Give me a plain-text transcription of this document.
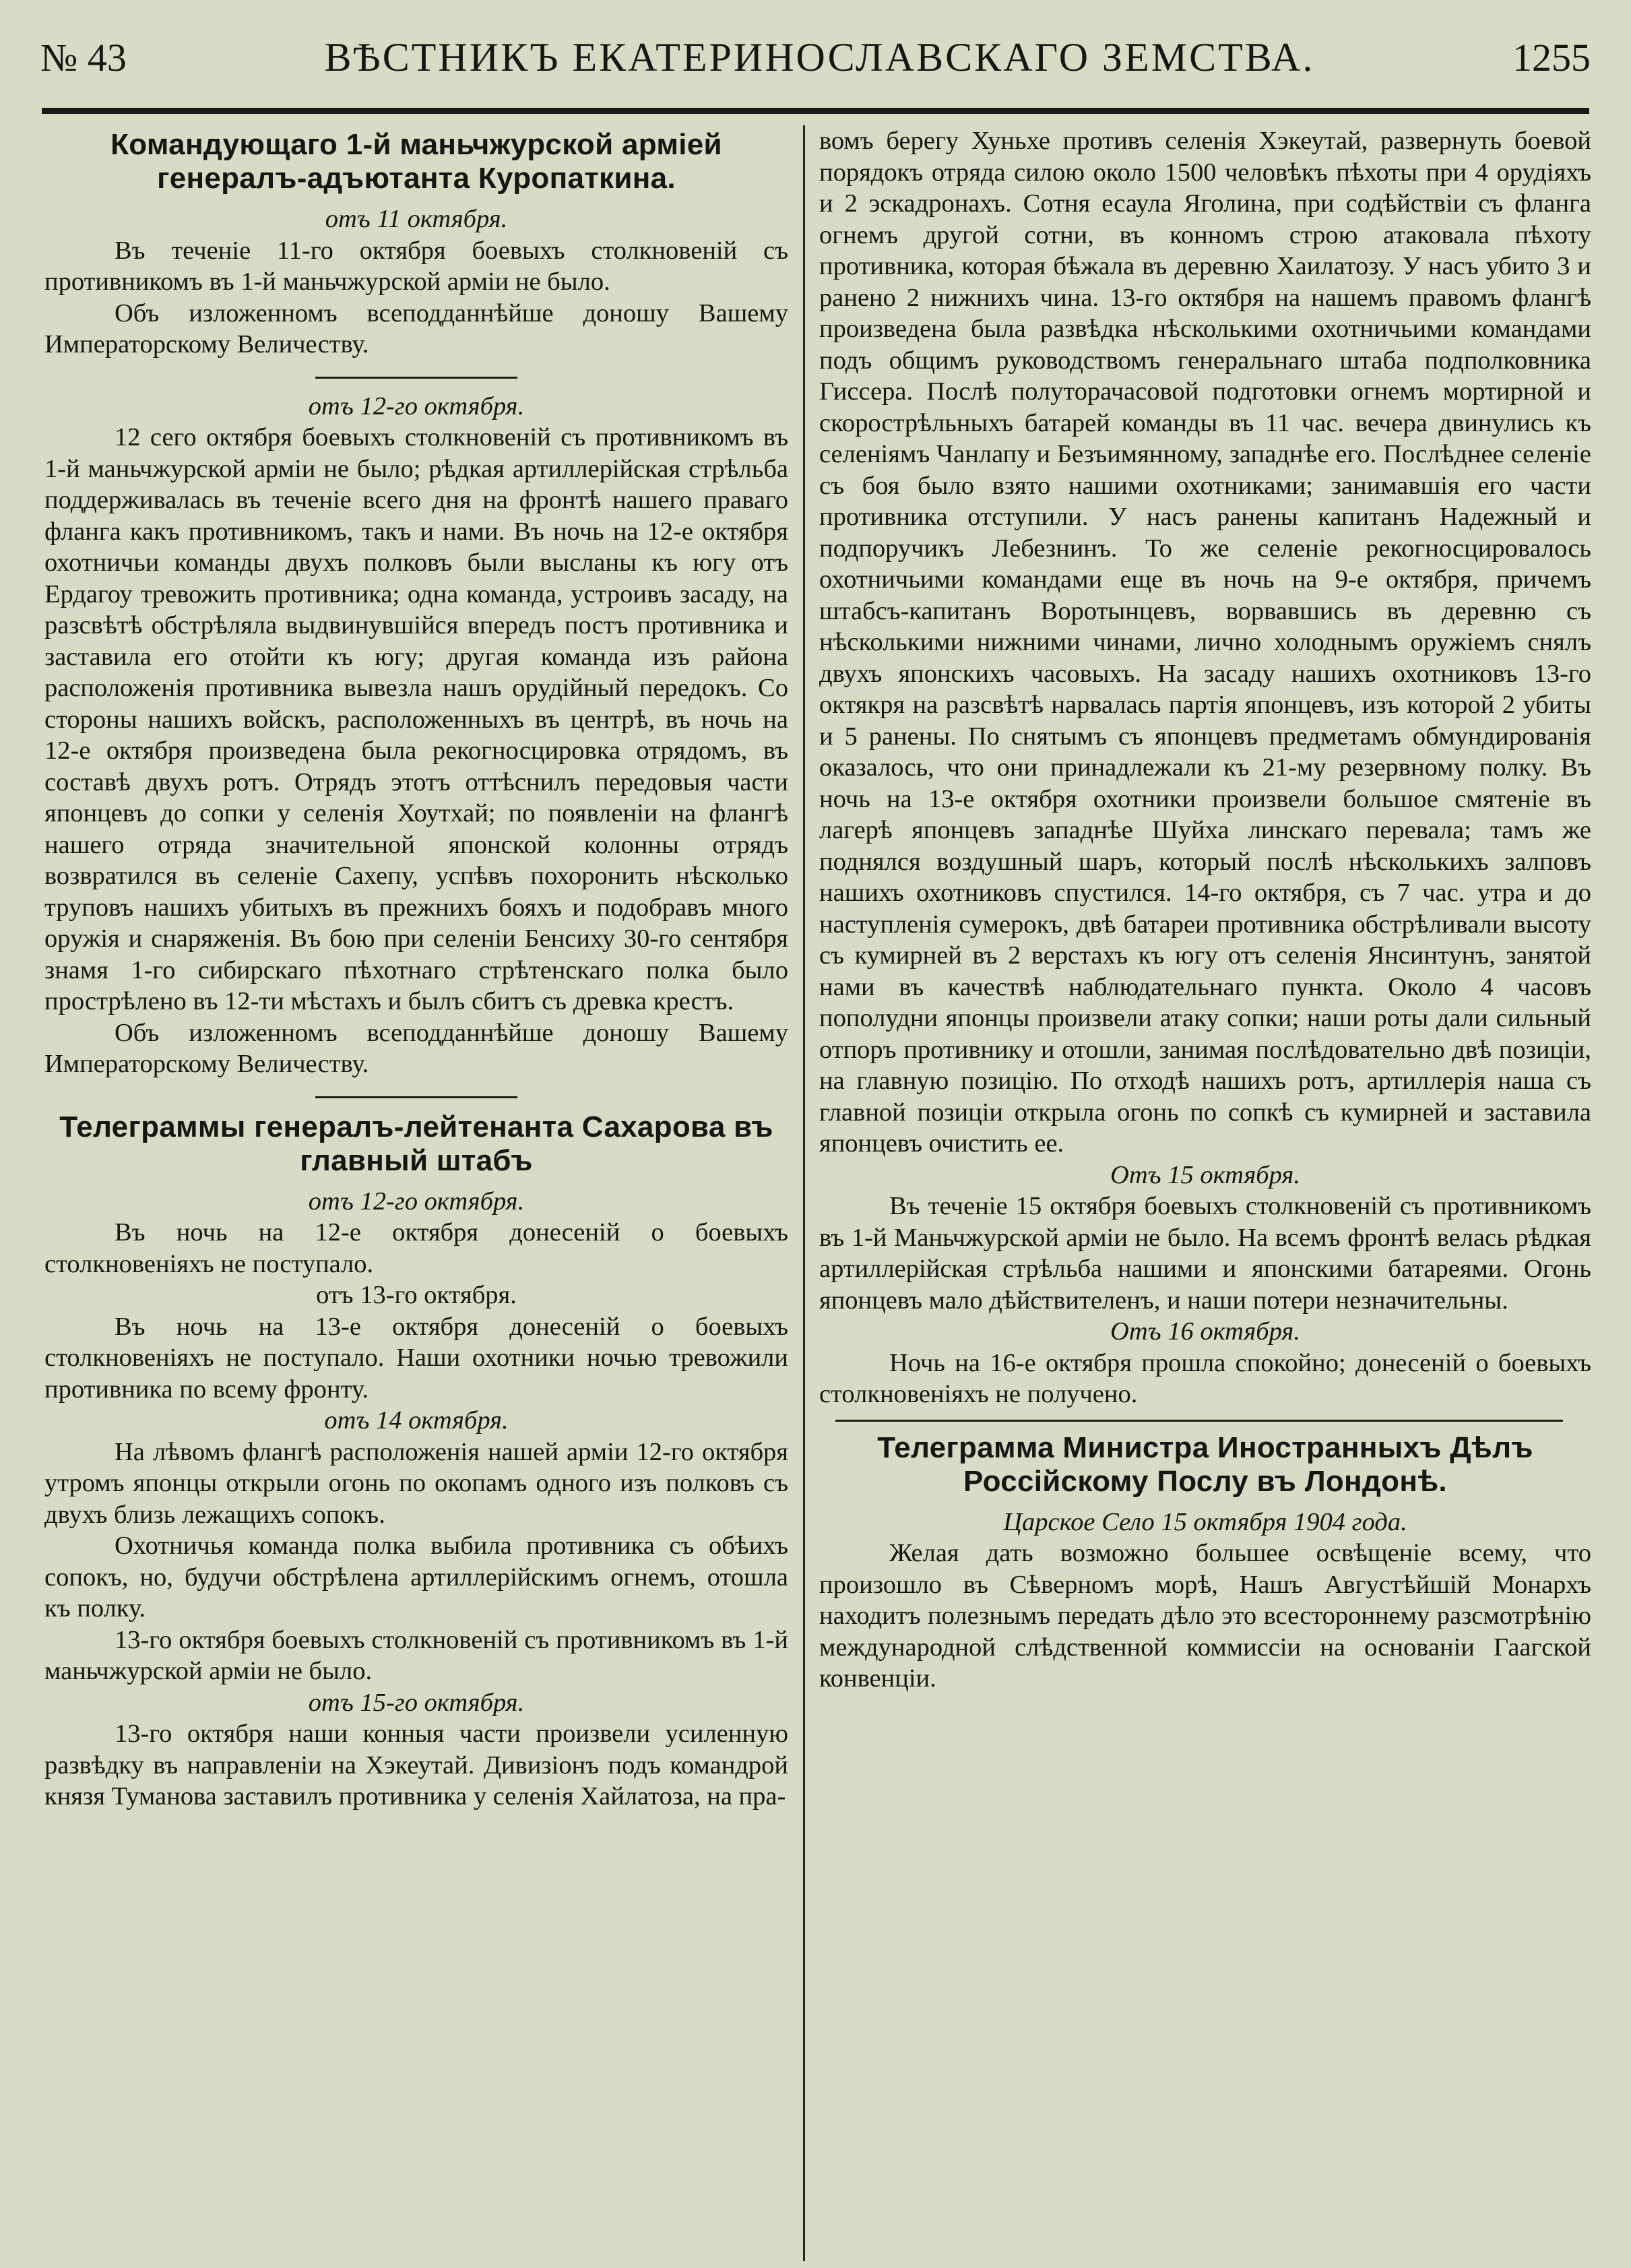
№ 43	ВѢСТНИКЪ ЕКАТЕРИНОСЛАВСКАГО ЗЕМСТВА.	1255
Командующаго 1-й маньчжурской арміей генералъ-адъютанта Куропаткина.

отъ 11 октября.

Въ теченіе 11-го октября боевыхъ столкновеній съ противникомъ въ 1-й маньчжурской арміи не было.

Объ изложенномъ всеподданнѣйше доношу Вашему Императорскому Величеству.

отъ 12-го октября.

12 сего октября боевыхъ столкновеній съ противникомъ въ 1-й маньчжурской арміи не было; рѣдкая артиллерійская стрѣльба поддерживалась въ теченіе всего дня на фронтѣ нашего праваго фланга какъ противникомъ, такъ и нами. Въ ночь на 12-е октября охотничьи команды двухъ полковъ были высланы къ югу отъ Ердагоу тревожить противника; одна команда, устроивъ засаду, на разсвѣтѣ обстрѣляла выдвинувшійся впередъ постъ противника и заставила его отойти къ югу; другая команда изъ района расположенія противника вывезла нашъ орудійный передокъ. Со стороны нашихъ войскъ, расположенныхъ въ центрѣ, въ ночь на 12-е октября произведена была рекогносцировка отрядомъ, въ составѣ двухъ ротъ. Отрядъ этотъ оттѣснилъ передовыя части японцевъ до сопки у селенія Хоутхай; по появленіи на флангѣ нашего отряда значительной японской колонны отрядъ возвратился въ селеніе Сахепу, успѣвъ похоронить нѣсколько труповъ нашихъ убитыхъ въ прежнихъ бояхъ и подобравъ много оружія и снаряженія. Въ бою при селеніи Бенсиху 30-го сентября знамя 1-го сибирскаго пѣхотнаго стрѣтенскаго полка было прострѣлено въ 12-ти мѣстахъ и былъ сбитъ съ древка крестъ.

Объ изложенномъ всеподданнѣйше доношу Вашему Императорскому Величеству.

Телеграммы генералъ-лейтенанта Сахарова въ главный штабъ

отъ 12-го октября.

Въ ночь на 12-е октября донесеній о боевыхъ столкновеніяхъ не поступало.

отъ 13-го октября.

Въ ночь на 13-е октября донесеній о боевыхъ столкновеніяхъ не поступало. Наши охотники ночью тревожили противника по всему фронту.

отъ 14 октября.

На лѣвомъ флангѣ расположенія нашей арміи 12-го октября утромъ японцы открыли огонь по окопамъ одного изъ полковъ съ двухъ близь лежащихъ сопокъ.

Охотничья команда полка выбила противника съ обѣихъ сопокъ, но, будучи обстрѣлена артиллерійскимъ огнемъ, отошла къ полку.

13-го октября боевыхъ столкновеній съ противникомъ въ 1-й маньчжурской арміи не было.

отъ 15-го октября.

13-го октября наши конныя части произвели усиленную развѣдку въ направленіи на Хэкеутай. Дивизіонъ подъ командрой князя Туманова заставилъ противника у селенія Хайлатоза, на пра-

вомъ берегу Хуньхе противъ селенія Хэкеутай, развернуть боевой порядокъ отряда силою около 1500 человѣкъ пѣхоты при 4 орудіяхъ и 2 эскадронахъ. Сотня есаула Яголина, при содѣйствіи съ фланга огнемъ другой сотни, въ конномъ строю атаковала пѣхоту противника, которая бѣжала въ деревню Хаилатозу. У насъ убито 3 и ранено 2 нижнихъ чина. 13-го октября на нашемъ правомъ флангѣ произведена была развѣдка нѣсколькими охотничьими командами подъ общимъ руководствомъ генеральнаго штаба подполковника Гиссера. Послѣ полуторачасовой подготовки огнемъ мортирной и скорострѣльныхъ батарей команды въ 11 час. вечера двинулись къ селеніямъ Чанлапу и Безъимянному, западнѣе его. Послѣднее селеніе съ боя было взято нашими охотниками; занимавшія его части противника отступили. У насъ ранены капитанъ Надежный и подпоручикъ Лебезнинъ. То же селеніе рекогносцировалось охотничьими командами еще въ ночь на 9-е октября, причемъ штабсъ-капитанъ Воротынцевъ, ворвавшись въ деревню съ нѣсколькими нижними чинами, лично холоднымъ оружіемъ снялъ двухъ японскихъ часовыхъ. На засаду нашихъ охотниковъ 13-го октякря на разсвѣтѣ нарвалась партія японцевъ, изъ которой 2 убиты и 5 ранены. По снятымъ съ японцевъ предметамъ обмундированія оказалось, что они принадлежали къ 21-му резервному полку. Въ ночь на 13-е октября охотники произвели большое смятеніе въ лагерѣ японцевъ западнѣе Шуйха линскаго перевала; тамъ же поднялся воздушный шаръ, который послѣ нѣсколькихъ залповъ нашихъ охотниковъ спустился. 14-го октября, съ 7 час. утра и до наступленія сумерокъ, двѣ батареи противника обстрѣливали высоту съ кумирней въ 2 верстахъ къ югу отъ селенія Янсинтунъ, занятой нами въ качествѣ наблюдательнаго пункта. Около 4 часовъ пополудни японцы произвели атаку сопки; наши роты дали сильный отпоръ противнику и отошли, занимая послѣдовательно двѣ позиціи, на главную позицію. По отходѣ нашихъ ротъ, артиллерія наша съ главной позиціи открыла огонь по сопкѣ съ кумирней и заставила японцевъ очистить ее.

Отъ 15 октября.

Въ теченіе 15 октября боевыхъ столкновеній съ противникомъ въ 1-й Маньчжурской арміи не было. На всемъ фронтѣ велась рѣдкая артиллерійская стрѣльба нашими и японскими батареями. Огонь японцевъ мало дѣйствителенъ, и наши потери незначительны.

Отъ 16 октября.

Ночь на 16-е октября прошла спокойно; донесеній о боевыхъ столкновеніяхъ не получено.

Телеграмма Министра Иностранныхъ Дѣлъ Россійскому Послу въ Лондонѣ.

Царское Село 15 октября 1904 года.

Желая дать возможно большее освѣщеніе всему, что произошло въ Сѣверномъ морѣ, Нашъ Августѣйшій Монархъ находитъ полезнымъ передать дѣло это всестороннему разсмотрѣнію международной слѣдственной коммиссіи на основаніи Гаагской конвенціи.
